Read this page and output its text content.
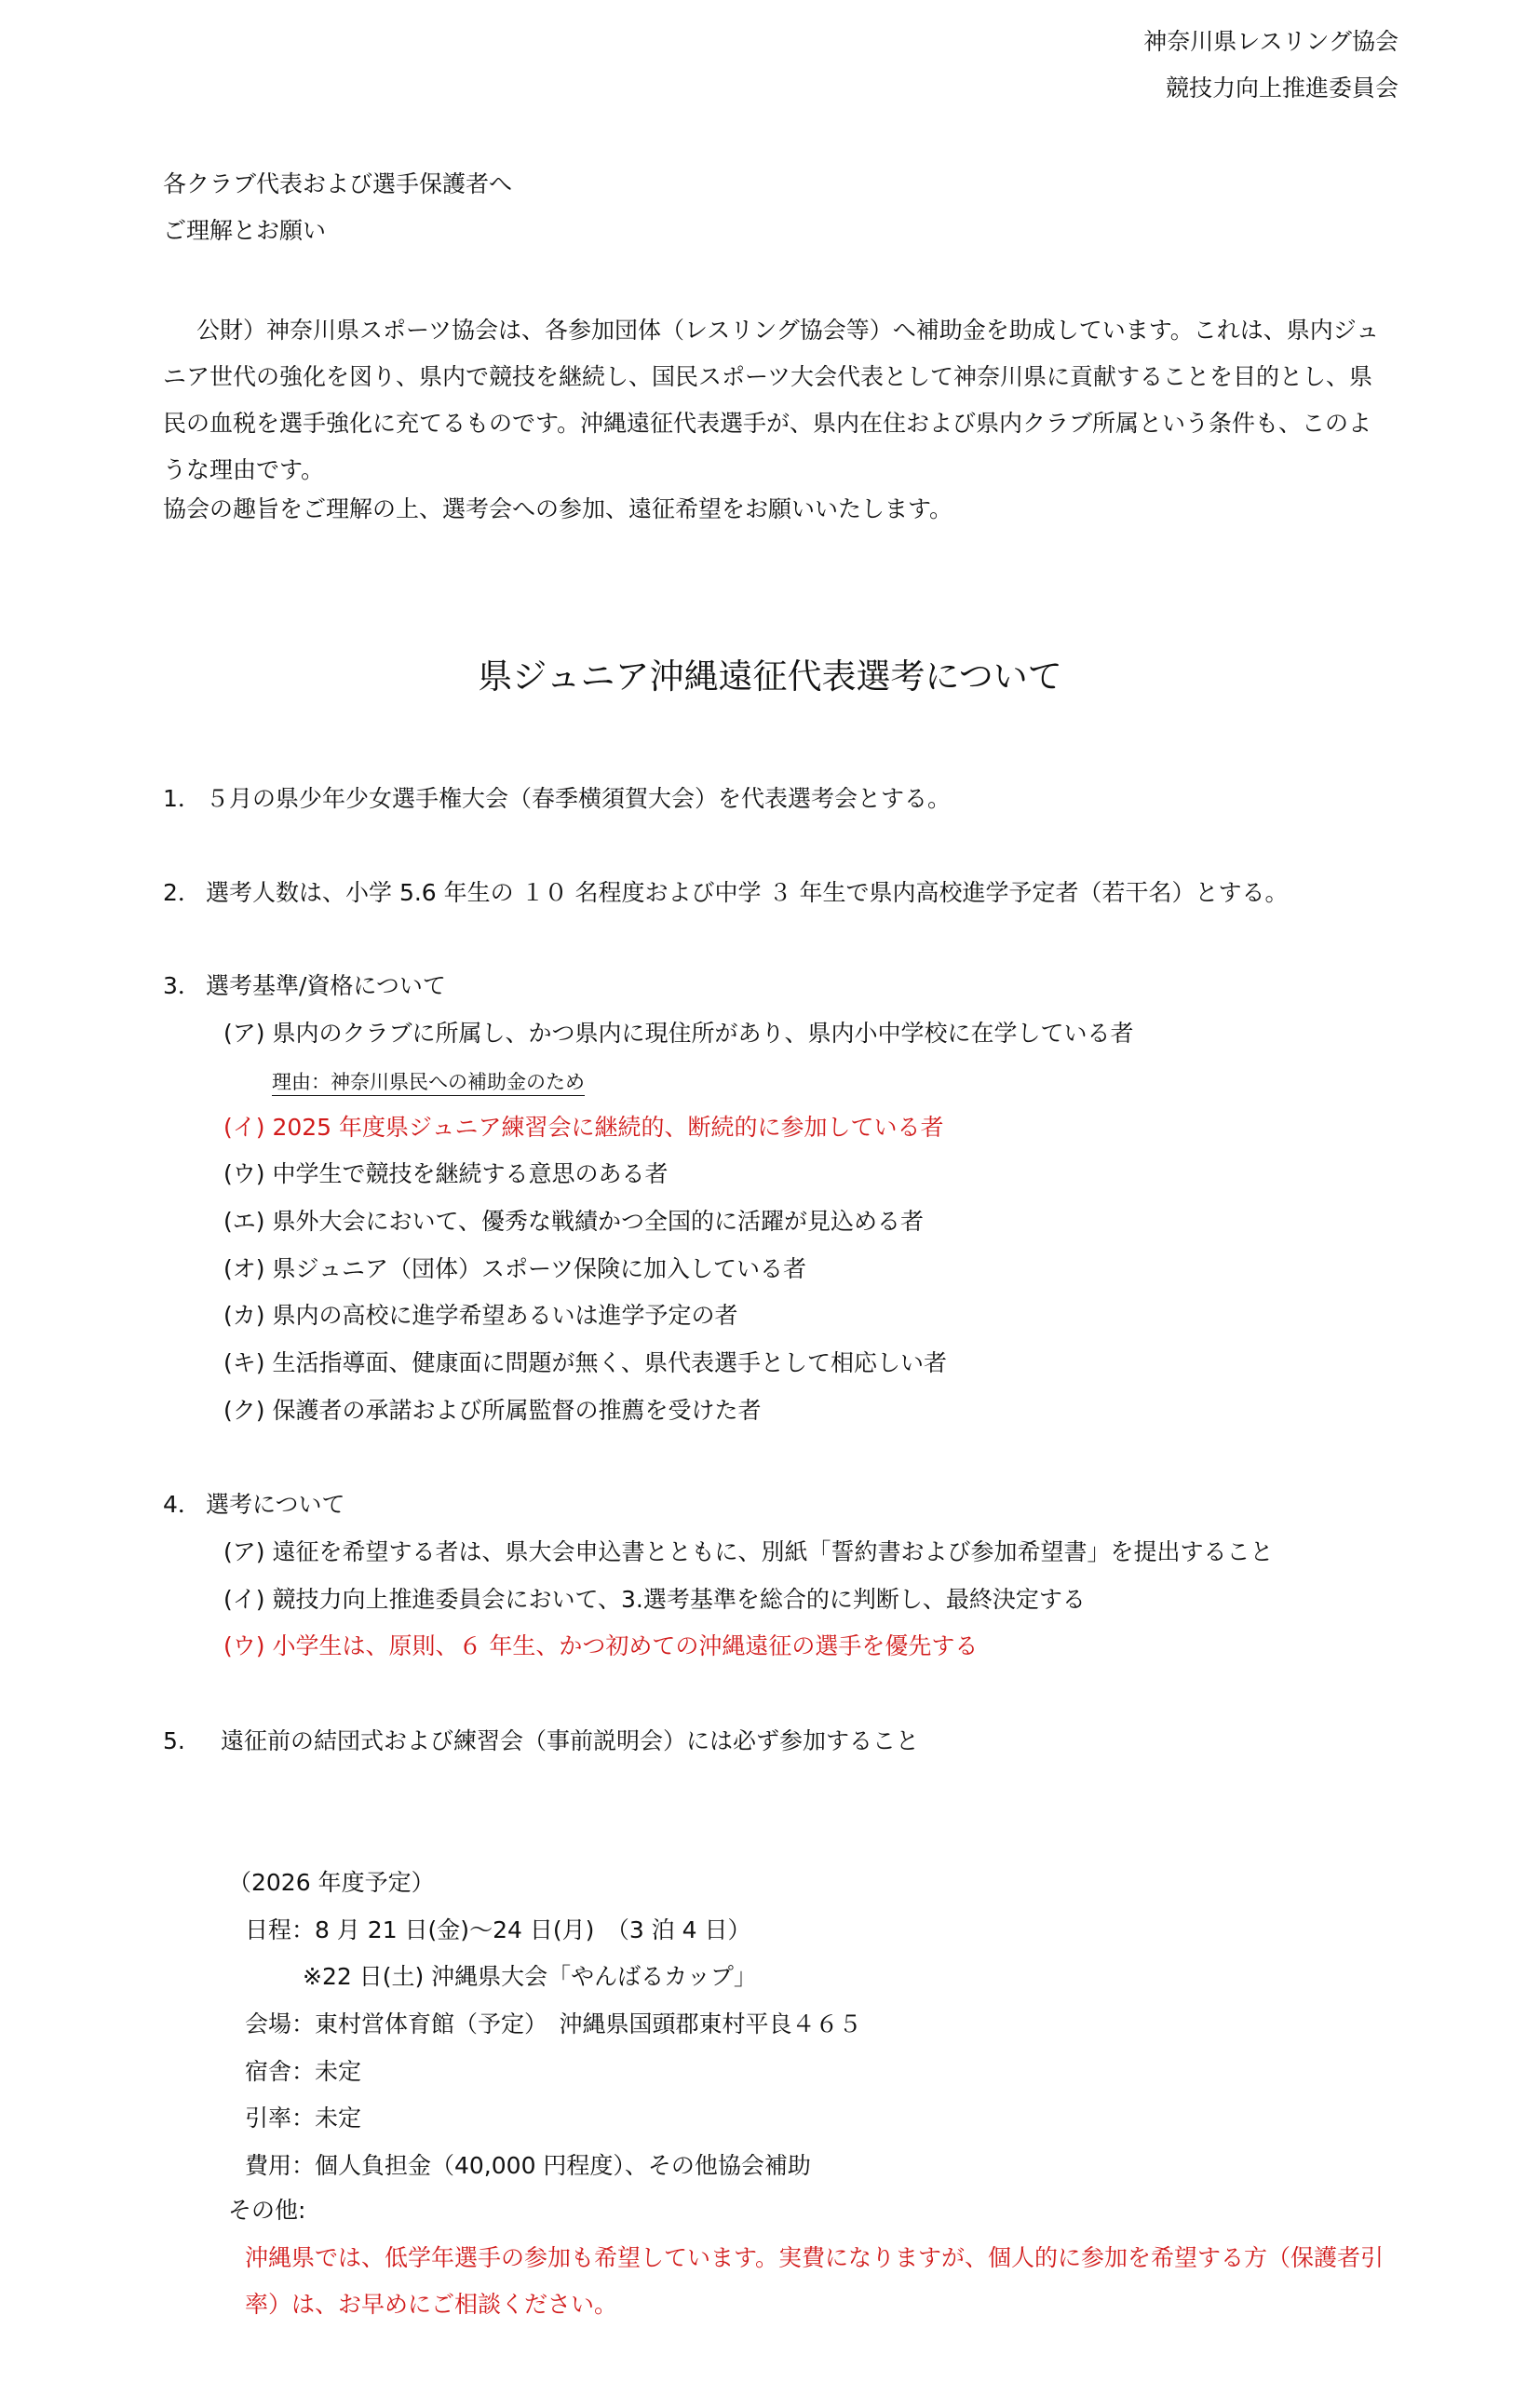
神奈川県レスリング協会
競技力向上推進委員会
各クラブ代表および選手保護者へ
ご理解とお願い
公財）神奈川県スポーツ協会は、各参加団体（レスリング協会等）へ補助金を助成しています。これは、県内ジュニア世代の強化を図り、県内で競技を継続し、国民スポーツ大会代表として神奈川県に貢献することを目的とし、県民の血税を選手強化に充てるものです。沖縄遠征代表選手が、県内在住および県内クラブ所属という条件も、このような理由です。
協会の趣旨をご理解の上、選考会への参加、遠征希望をお願いいたします。
県ジュニア沖縄遠征代表選考について
1． ５月の県少年少女選手権大会（春季横須賀大会）を代表選考会とする。
2． 選考人数は、小学 5.6 年生の １０ 名程度および中学 ３ 年生で県内高校進学予定者（若干名）とする。
3． 選考基準/資格について
(ア) 県内のクラブに所属し、かつ県内に現住所があり、県内小中学校に在学している者
理由：神奈川県民への補助金のため
(イ) 2025 年度県ジュニア練習会に継続的、断続的に参加している者
(ウ) 中学生で競技を継続する意思のある者
(エ) 県外大会において、優秀な戦績かつ全国的に活躍が見込める者
(オ) 県ジュニア（団体）スポーツ保険に加入している者
(カ) 県内の高校に進学希望あるいは進学予定の者
(キ) 生活指導面、健康面に問題が無く、県代表選手として相応しい者
(ク) 保護者の承諾および所属監督の推薦を受けた者
4． 選考について
(ア) 遠征を希望する者は、県大会申込書とともに、別紙「誓約書および参加希望書」を提出すること
(イ) 競技力向上推進委員会において、3.選考基準を総合的に判断し、最終決定する
(ウ) 小学生は、原則、６ 年生、かつ初めての沖縄遠征の選手を優先する
5. 遠征前の結団式および練習会（事前説明会）には必ず参加すること
（2026 年度予定）
日程：8 月 21 日(金)～24 日(月)　（3 泊 4 日）
※22 日(土) 沖縄県大会「やんばるカップ」
会場：東村営体育館（予定）　沖縄県国頭郡東村平良４６５
宿舎：未定
引率：未定
費用：個人負担金（40,000 円程度）、その他協会補助
その他:
沖縄県では、低学年選手の参加も希望しています。実費になりますが、個人的に参加を希望する方（保護者引率）は、お早めにご相談ください。
